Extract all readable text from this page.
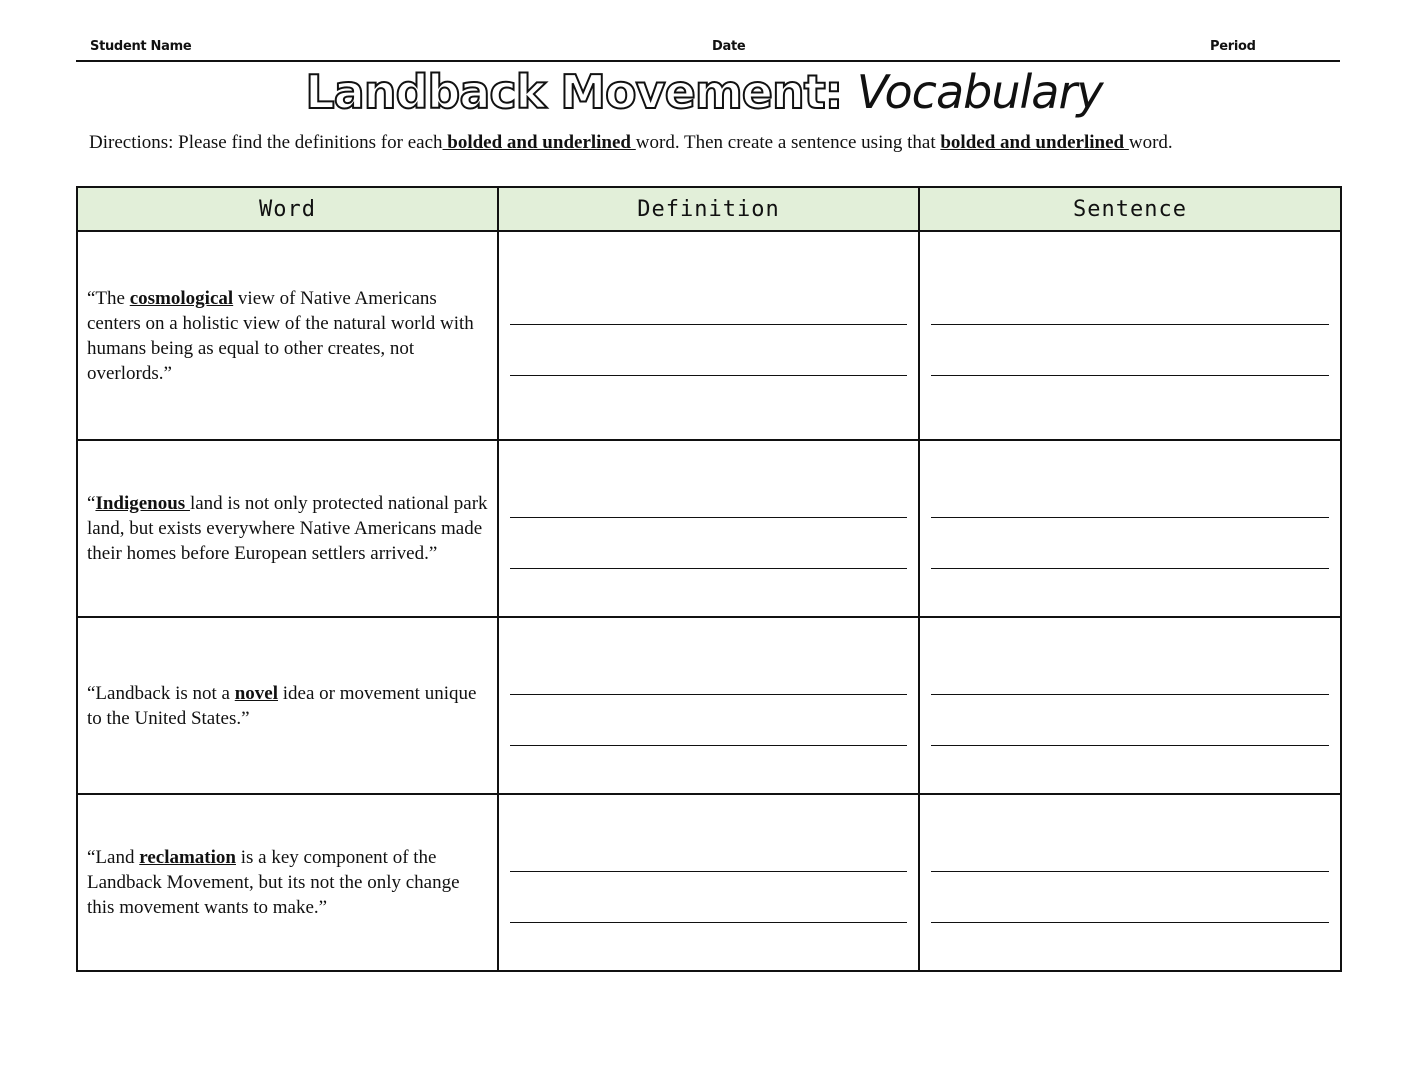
Student Name	Date	Period
Landback Movement: Vocabulary
Directions: Please find the definitions for each bolded and underlined word. Then create a sentence using that bolded and underlined word.
Word	Definition	Sentence
“The cosmological view of Native Americans centers on a holistic view of the natural world with humans being as equal to other creates, not overlords.”	

“Indigenous land is not only protected national park land, but exists everywhere Native Americans made their homes before European settlers arrived.”	

“Landback is not a novel idea or movement unique to the United States.”	

“Land reclamation is a key component of the Landback Movement, but its not the only change this movement wants to make.”	
